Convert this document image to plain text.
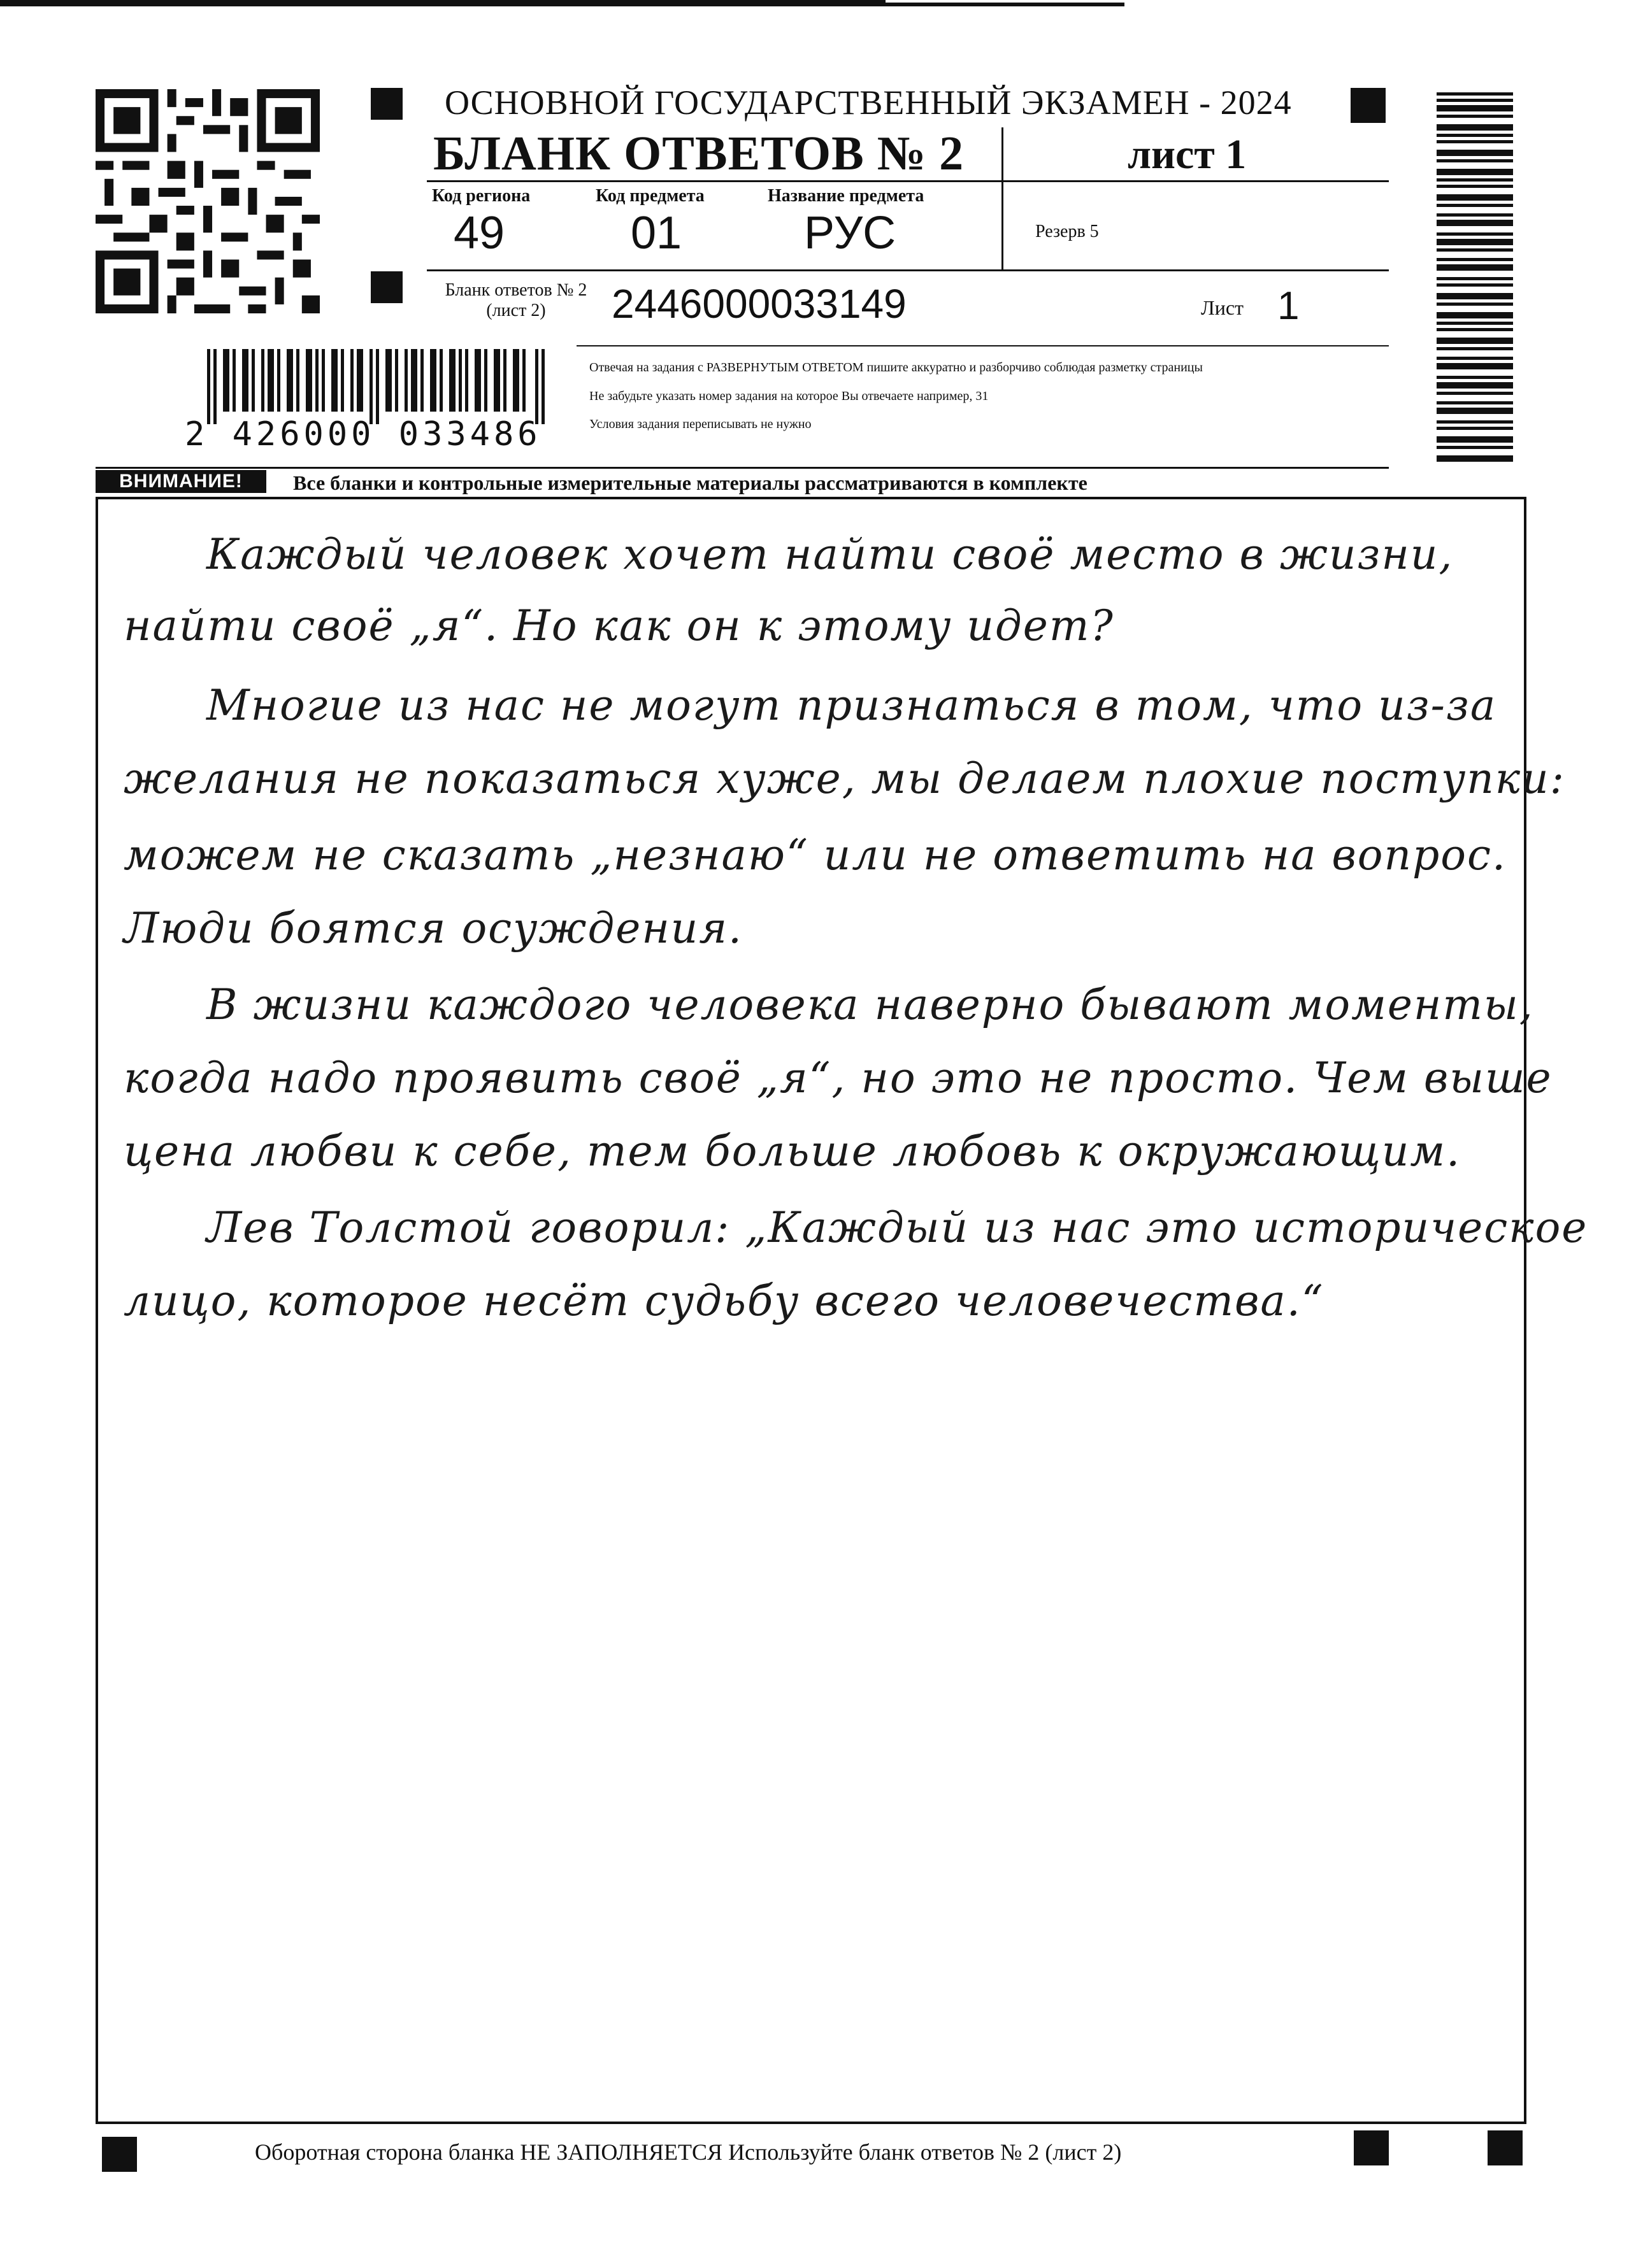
2 426000 033486
ОСНОВНОЙ ГОСУДАРСТВЕННЫЙ ЭКЗАМЕН - 2024
БЛАНК ОТВЕТОВ № 2	лист 1
Код региона
49
Код предмета
01
Название предмета
РУС	Резерв 5
Бланк ответов № 2
(лист 2)	2446000033149	Лист 1
Отвечая на задания с РАЗВЕРНУТЫМ ОТВЕТОМ пишите аккуратно и разборчиво соблюдая разметку страницы
Не забудьте указать номер задания на которое Вы отвечаете например, 31
Условия задания переписывать не нужно
ВНИМАНИЕ!	Все бланки и контрольные измерительные материалы рассматриваются в комплекте
Каждый человек хочет найти своё место в жизни,
найти своё „я“. Но как он к этому идет?
Многие из нас не могут признаться в том, что из-за
желания не показаться хуже, мы делаем плохие поступки:
можем не сказать „незнаю“ или не ответить на вопрос.
Люди боятся осуждения.
В жизни каждого человека наверно бывают моменты,
когда надо проявить своё „я“, но это не просто. Чем выше
цена любви к себе, тем больше любовь к окружающим.
Лев Толстой говорил: „Каждый из нас это историческое
лицо, которое несёт судьбу всего человечества.“
Оборотная сторона бланка НЕ ЗАПОЛНЯЕТСЯ Используйте бланк ответов № 2 (лист 2)
